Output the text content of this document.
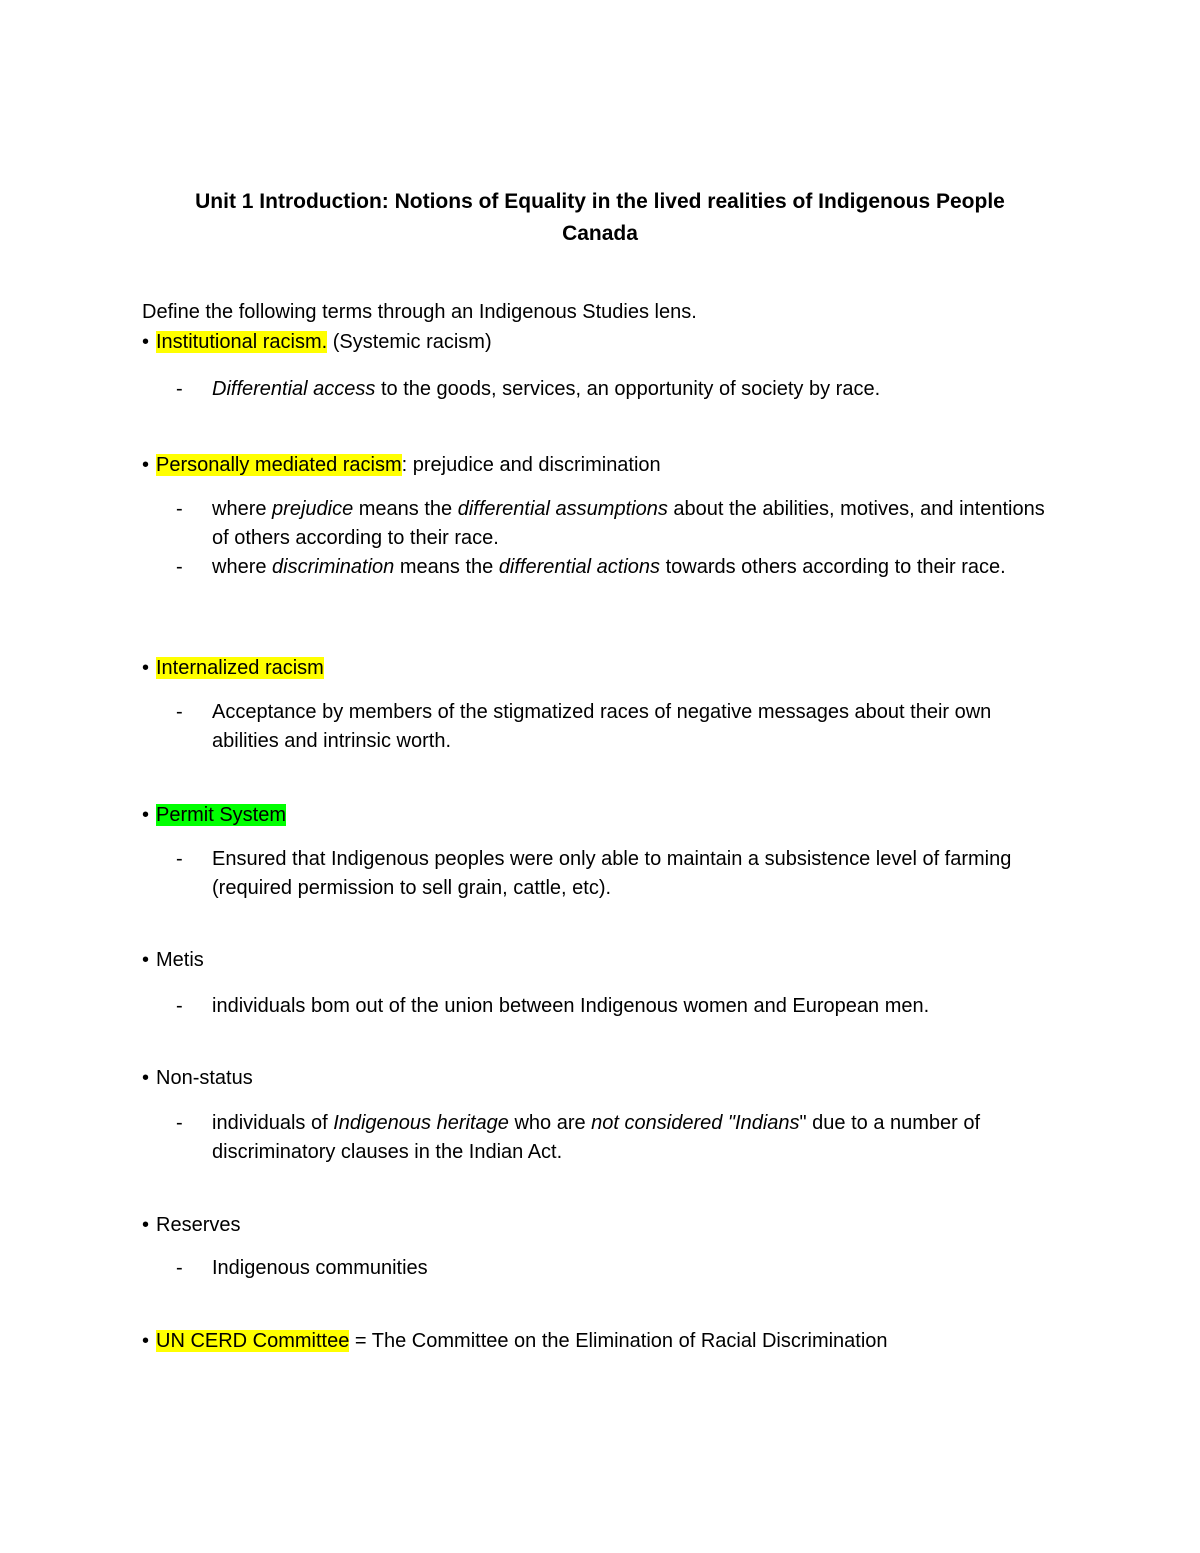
Unit 1 Introduction: Notions of Equality in the lived realities of Indigenous People
Canada

Define the following terms through an Indigenous Studies lens.

• Institutional racism. (Systemic racism)

- Differential access to the goods, services, an opportunity of society by race.

• Personally mediated racism: prejudice and discrimination

- where prejudice means the differential assumptions about the abilities, motives, and intentions of others according to their race.
- where discrimination means the differential actions towards others according to their race.

• Internalized racism

- Acceptance by members of the stigmatized races of negative messages about their own abilities and intrinsic worth.

• Permit System

- Ensured that Indigenous peoples were only able to maintain a subsistence level of farming (required permission to sell grain, cattle, etc).

• Metis

- individuals bom out of the union between Indigenous women and European men.

• Non-status

- individuals of Indigenous heritage who are not considered "Indians" due to a number of discriminatory clauses in the Indian Act.

• Reserves

- Indigenous communities

• UN CERD Committee = The Committee on the Elimination of Racial Discrimination
